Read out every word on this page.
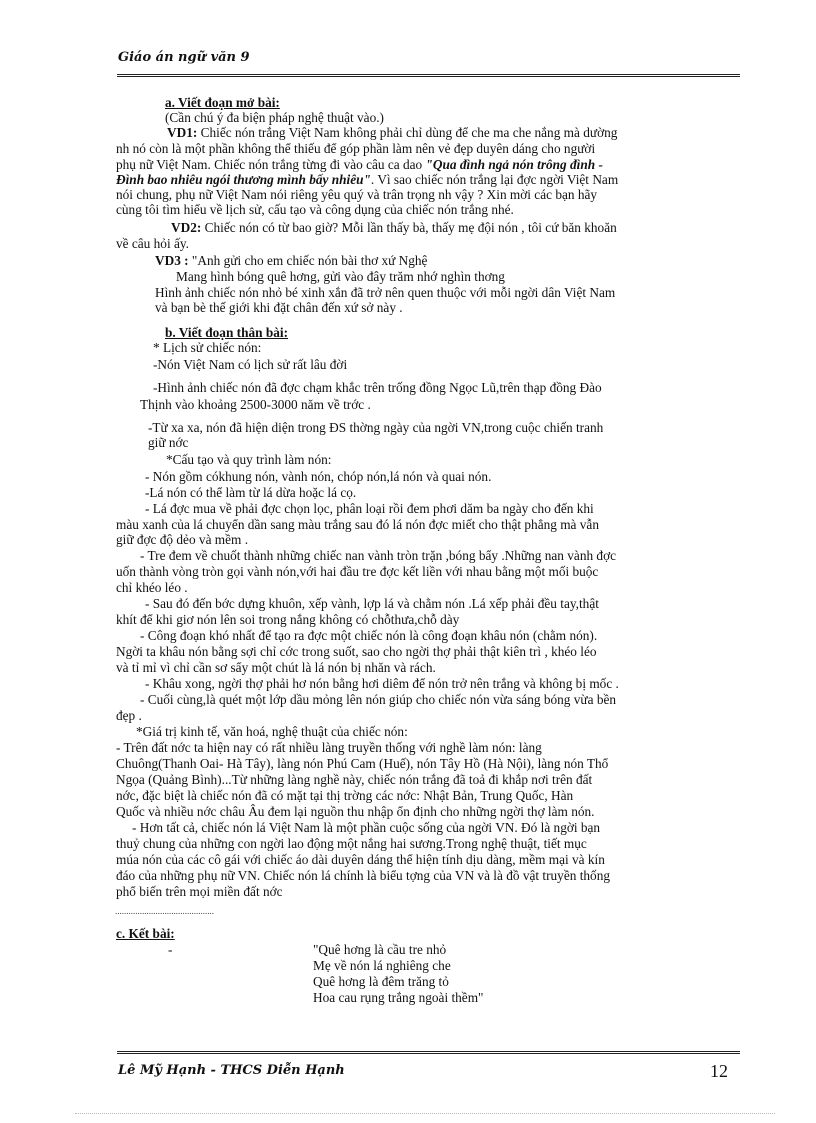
Giáo án ngữ văn 9
a. Viết đoạn mở bài:
(Cần chú ý đa biện pháp nghệ thuật vào.)
VD1: Chiếc nón trắng Việt Nam không phải chỉ dùng để che ma che nắng mà dường
nh nó còn là một phần không thể thiếu để góp phần làm nên vẻ đẹp duyên dáng cho người
phụ nữ Việt Nam. Chiếc nón trắng từng đi vào câu ca dao "Qua đình ngả nón trông đình -
Đình bao nhiêu ngói thương mình bấy nhiêu". Vì sao chiếc nón trắng lại đợc ngời Việt Nam
nói chung, phụ nữ Việt Nam nói riêng yêu quý và trân trọng nh vậy ? Xin mời các bạn hãy
cùng tôi tìm hiểu về lịch sử, cấu tạo và công dụng của chiếc nón trắng nhé.
VD2: Chiếc nón có từ bao giờ? Mỗi lần thấy bà, thấy mẹ đội nón , tôi cứ băn khoăn
về câu hỏi ấy.
VD3 : "Anh gửi cho em chiếc nón bài thơ xứ Nghệ
Mang hình bóng quê hơng, gửi vào đây trăm nhớ nghìn thơng
Hình ảnh chiếc nón nhỏ bé xinh xắn đã trở nên quen thuộc với mỗi ngời dân Việt Nam
và bạn bè thế giới khi đặt chân đến xứ sở này .
b. Viết đoạn thân bài:
* Lịch sử chiếc nón:
-Nón Việt Nam có lịch sử rất lâu đời
-Hình ảnh chiếc nón đã đợc chạm khắc trên trống đồng Ngọc Lũ,trên thạp đồng Đào
Thịnh vào khoảng 2500-3000 năm về trớc .
-Từ xa xa, nón đã hiện diện trong ĐS thờng ngày của ngời VN,trong cuộc chiến tranh
giữ nớc
*Cấu tạo và quy trình làm nón:
- Nón gồm cókhung nón, vành nón, chóp nón,lá nón và quai nón.
-Lá nón có thể làm từ lá dừa hoặc lá cọ.
- Lá đợc mua về phải đợc chọn lọc, phân loại rồi đem phơi dăm ba ngày cho đến khi
màu xanh của lá chuyển dần sang màu trắng sau đó lá nón đợc miết cho thật phẳng mà vẫn
giữ đợc độ dẻo và mềm .
- Tre đem về chuốt thành những chiếc nan vành tròn trặn ,bóng bẩy .Những nan vành đợc
uốn thành vòng tròn gọi vành nón,với hai đầu tre đợc kết liền với nhau bằng một mối buộc
chỉ khéo léo .
- Sau đó đến bớc dựng khuôn, xếp vành, lợp lá và chằm nón .Lá xếp phải đều tay,thật
khít để khi giơ nón lên soi trong nắng không có chỗthưa,chỗ dày
- Công đoạn khó nhất để tạo ra đợc một chiếc nón là công đoạn khâu nón (chằm nón).
Ngời ta khâu nón bằng sợi chỉ cớc trong suốt, sao cho ngời thợ phải thật kiên trì , khéo léo
và tỉ mỉ vì chỉ cần sơ sẩy một chút là lá nón bị nhăn và rách.
- Khâu xong, ngời thợ phải hơ nón bằng hơi diêm để nón trở nên trắng và không bị mốc .
- Cuối cùng,là quét một lớp dầu mỏng lên nón giúp cho chiếc nón vừa sáng bóng vừa bền
đẹp .
*Giá trị kinh tế, văn hoá, nghệ thuật của chiếc nón:
- Trên đất nớc ta hiện nay có rất nhiều làng truyền thống với nghề làm nón: làng
Chuông(Thanh Oai- Hà Tây), làng nón Phú Cam (Huế), nón Tây Hồ (Hà Nội), làng nón Thổ
Ngọa (Quảng Bình)...Từ những làng nghề này, chiếc nón trắng đã toả đi khắp nơi trên đất
nớc, đặc biệt là chiếc nón đã có mặt tại thị trờng các nớc: Nhật Bản, Trung Quốc, Hàn
Quốc và nhiều nớc châu Âu đem lại nguồn thu nhập ổn định cho những ngời thợ làm nón.
- Hơn tất cả, chiếc nón lá Việt Nam là một phần cuộc sống của ngời VN. Đó là ngời bạn
thuỷ chung của những con ngời lao động một nắng hai sương.Trong nghệ thuật, tiết mục
múa nón của các cô gái với chiếc áo dài duyên dáng thể hiện tính dịu dàng, mềm mại và kín
đáo của những phụ nữ VN. Chiếc nón lá chính là biểu tợng của VN và là đồ vật truyền thống
phổ biến trên mọi miền đất nớc
............................................
c. Kết bài:
-	"Quê hơng là cầu tre nhỏ
Mẹ về nón lá nghiêng che
Quê hơng là đêm trăng tỏ
Hoa cau rụng trắng ngoài thềm"
Lê Mỹ Hạnh - THCS Diễn Hạnh	12
